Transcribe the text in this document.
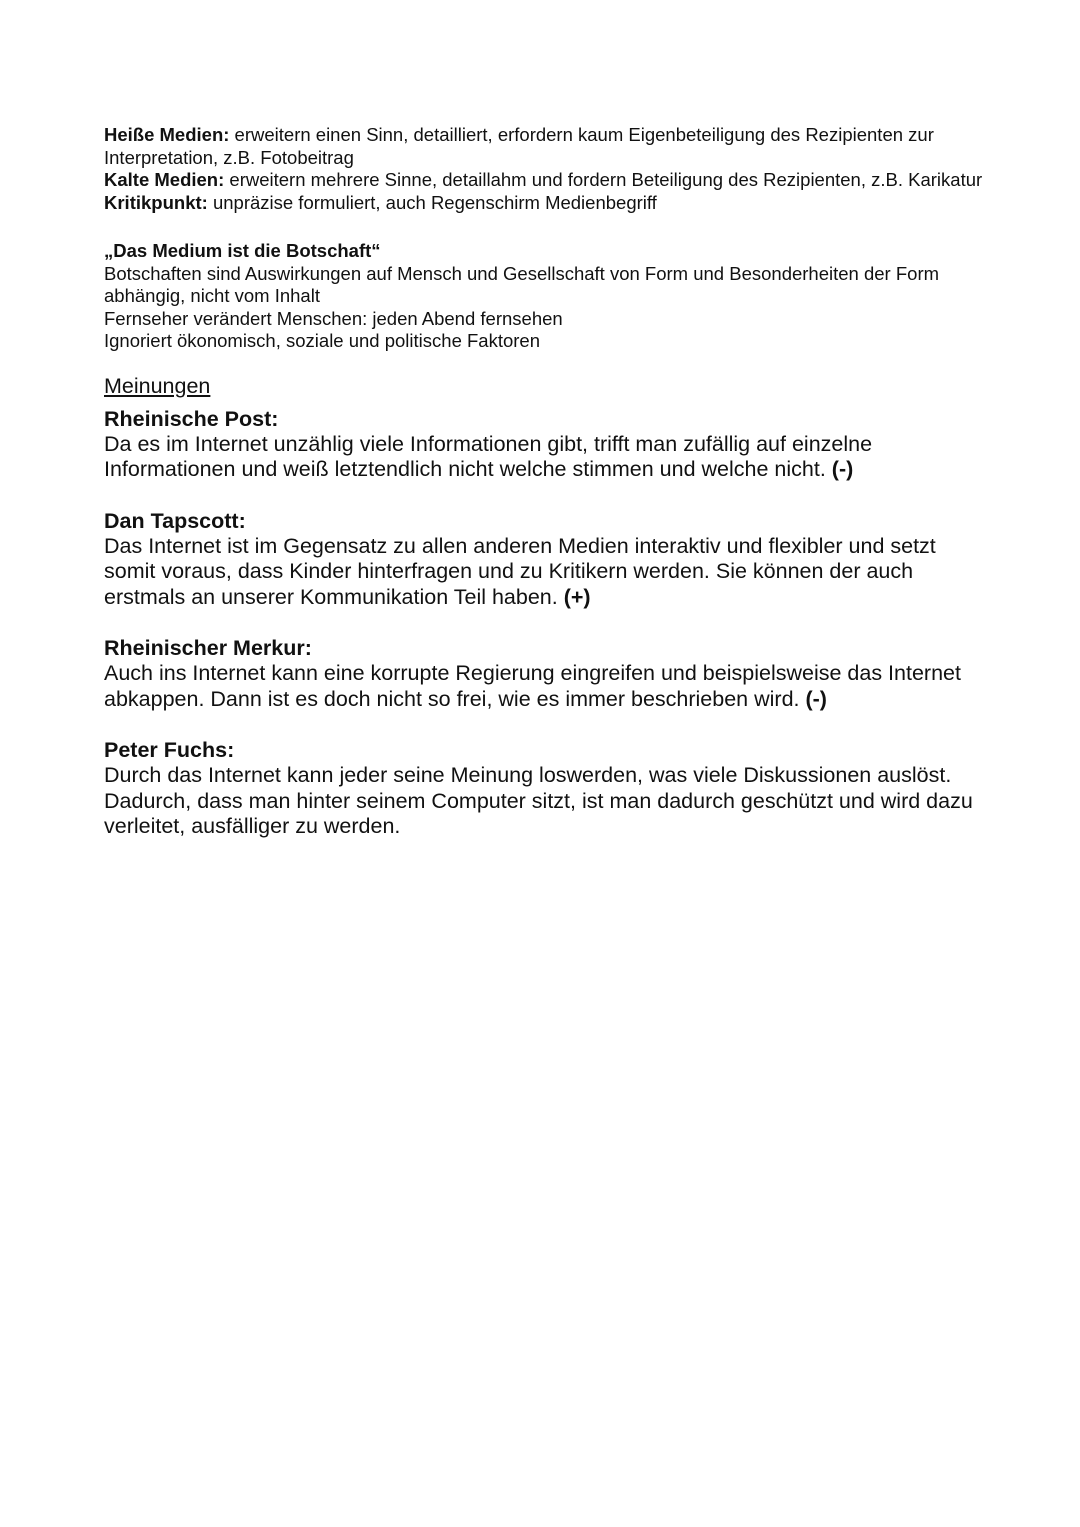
Heiße Medien: erweitern einen Sinn, detailliert, erfordern kaum Eigenbeteiligung des Rezipienten zur Interpretation, z.B. Fotobeitrag

Kalte Medien: erweitern mehrere Sinne, detaillahm und fordern Beteiligung des Rezipienten, z.B. Karikatur

Kritikpunkt: unpräzise formuliert, auch Regenschirm Medienbegriff

„Das Medium ist die Botschaft“

Botschaften sind Auswirkungen auf Mensch und Gesellschaft von Form und Besonderheiten der Form abhängig, nicht vom Inhalt

Fernseher verändert Menschen: jeden Abend fernsehen

Ignoriert ökonomisch, soziale und politische Faktoren

Meinungen
Rheinische Post:
Da es im Internet unzählig viele Informationen gibt, trifft man zufällig auf einzelne Informationen und weiß letztendlich nicht welche stimmen und welche nicht. (-)
Dan Tapscott:
Das Internet ist im Gegensatz zu allen anderen Medien interaktiv und flexibler und setzt somit voraus, dass Kinder hinterfragen und zu Kritikern werden. Sie können der auch erstmals an unserer Kommunikation Teil haben. (+)
Rheinischer Merkur:
Auch ins Internet kann eine korrupte Regierung eingreifen und beispielsweise das Internet abkappen. Dann ist es doch nicht so frei, wie es immer beschrieben wird. (-)
Peter Fuchs:
Durch das Internet kann jeder seine Meinung loswerden, was viele Diskussionen auslöst. Dadurch, dass man hinter seinem Computer sitzt, ist man dadurch geschützt und wird dazu verleitet, ausfälliger zu werden.
